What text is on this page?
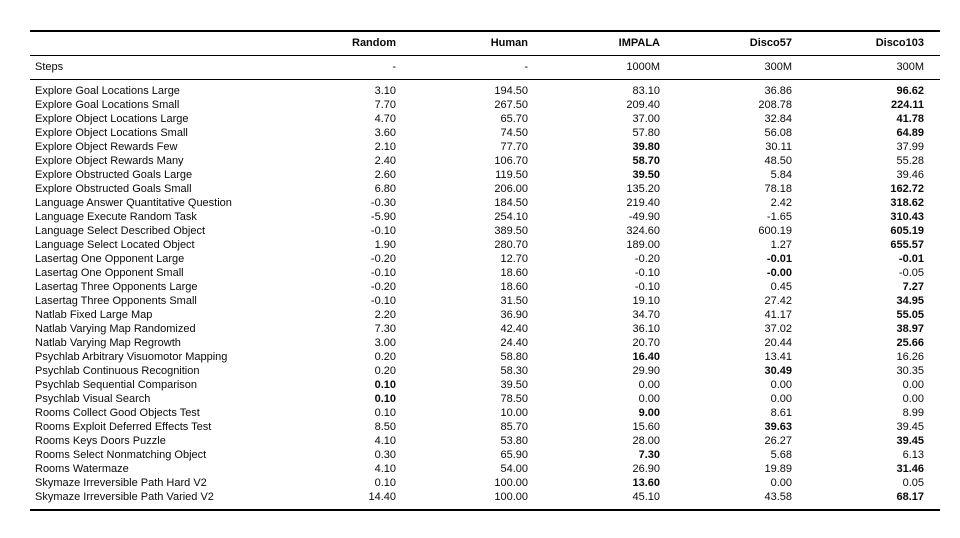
	Random	Human	IMPALA	Disco57	Disco103
Steps	-	-	1000M	300M	300M
Explore Goal Locations Large	3.10	194.50	83.10	36.86	96.62
Explore Goal Locations Small	7.70	267.50	209.40	208.78	224.11
Explore Object Locations Large	4.70	65.70	37.00	32.84	41.78
Explore Object Locations Small	3.60	74.50	57.80	56.08	64.89
Explore Object Rewards Few	2.10	77.70	39.80	30.11	37.99
Explore Object Rewards Many	2.40	106.70	58.70	48.50	55.28
Explore Obstructed Goals Large	2.60	119.50	39.50	5.84	39.46
Explore Obstructed Goals Small	6.80	206.00	135.20	78.18	162.72
Language Answer Quantitative Question	-0.30	184.50	219.40	2.42	318.62
Language Execute Random Task	-5.90	254.10	-49.90	-1.65	310.43
Language Select Described Object	-0.10	389.50	324.60	600.19	605.19
Language Select Located Object	1.90	280.70	189.00	1.27	655.57
Lasertag One Opponent Large	-0.20	12.70	-0.20	-0.01	-0.01
Lasertag One Opponent Small	-0.10	18.60	-0.10	-0.00	-0.05
Lasertag Three Opponents Large	-0.20	18.60	-0.10	0.45	7.27
Lasertag Three Opponents Small	-0.10	31.50	19.10	27.42	34.95
Natlab Fixed Large Map	2.20	36.90	34.70	41.17	55.05
Natlab Varying Map Randomized	7.30	42.40	36.10	37.02	38.97
Natlab Varying Map Regrowth	3.00	24.40	20.70	20.44	25.66
Psychlab Arbitrary Visuomotor Mapping	0.20	58.80	16.40	13.41	16.26
Psychlab Continuous Recognition	0.20	58.30	29.90	30.49	30.35
Psychlab Sequential Comparison	0.10	39.50	0.00	0.00	0.00
Psychlab Visual Search	0.10	78.50	0.00	0.00	0.00
Rooms Collect Good Objects Test	0.10	10.00	9.00	8.61	8.99
Rooms Exploit Deferred Effects Test	8.50	85.70	15.60	39.63	39.45
Rooms Keys Doors Puzzle	4.10	53.80	28.00	26.27	39.45
Rooms Select Nonmatching Object	0.30	65.90	7.30	5.68	6.13
Rooms Watermaze	4.10	54.00	26.90	19.89	31.46
Skymaze Irreversible Path Hard V2	0.10	100.00	13.60	0.00	0.05
Skymaze Irreversible Path Varied V2	14.40	100.00	45.10	43.58	68.17
